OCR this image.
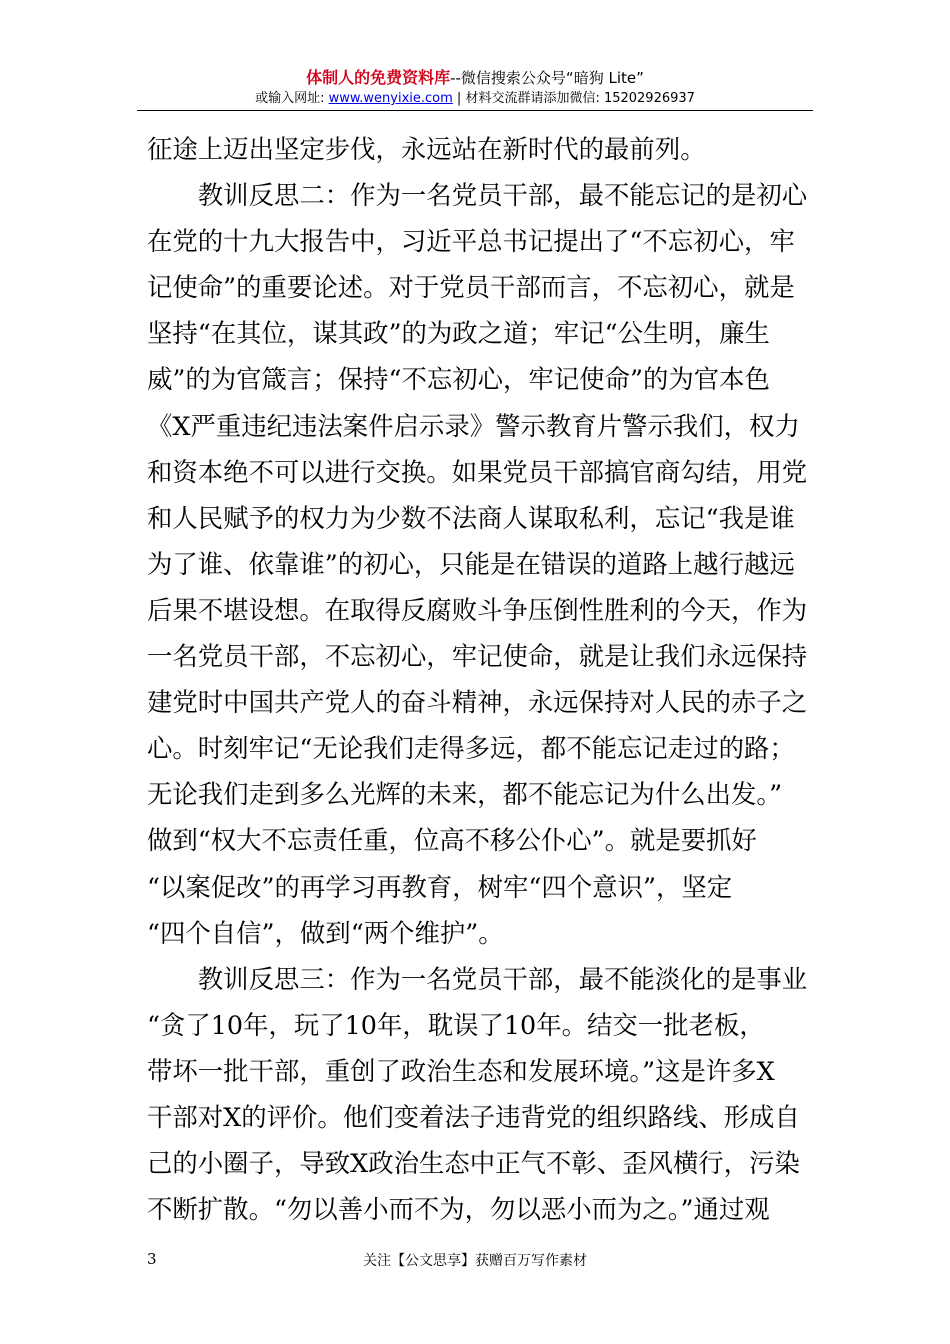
体制人的免费资料库--微信搜索公众号“暗狗 Lite”
或输入网址: www.wenyixie.com | 材料交流群请添加微信: 15202926937
征途上迈出坚定步伐，永远站在新时代的最前列。
　　教训反思二：作为一名党员干部，最不能忘记的是初心
在党的十九大报告中，习近平总书记提出了“不忘初心，牢
记使命”的重要论述。对于党员干部而言，不忘初心，就是
坚持“在其位，谋其政”的为政之道；牢记“公生明，廉生
威”的为官箴言；保持“不忘初心，牢记使命”的为官本色
《X严重违纪违法案件启示录》警示教育片警示我们，权力
和资本绝不可以进行交换。如果党员干部搞官商勾结，用党
和人民赋予的权力为少数不法商人谋取私利，忘记“我是谁
为了谁、依靠谁”的初心，只能是在错误的道路上越行越远
后果不堪设想。在取得反腐败斗争压倒性胜利的今天，作为
一名党员干部，不忘初心，牢记使命，就是让我们永远保持
建党时中国共产党人的奋斗精神，永远保持对人民的赤子之
心。时刻牢记“无论我们走得多远，都不能忘记走过的路；
无论我们走到多么光辉的未来，都不能忘记为什么出发。”
做到“权大不忘责任重，位高不移公仆心”。就是要抓好
“以案促改”的再学习再教育，树牢“四个意识”，坚定
“四个自信”，做到“两个维护”。
　　教训反思三：作为一名党员干部，最不能淡化的是事业
“贪了10年，玩了10年，耽误了10年。结交一批老板，
带坏一批干部，重创了政治生态和发展环境。”这是许多X
干部对X的评价。他们变着法子违背党的组织路线、形成自
己的小圈子，导致X政治生态中正气不彰、歪风横行，污染
不断扩散。“勿以善小而不为，勿以恶小而为之。”通过观
3	关注【公文思享】获赠百万写作素材
